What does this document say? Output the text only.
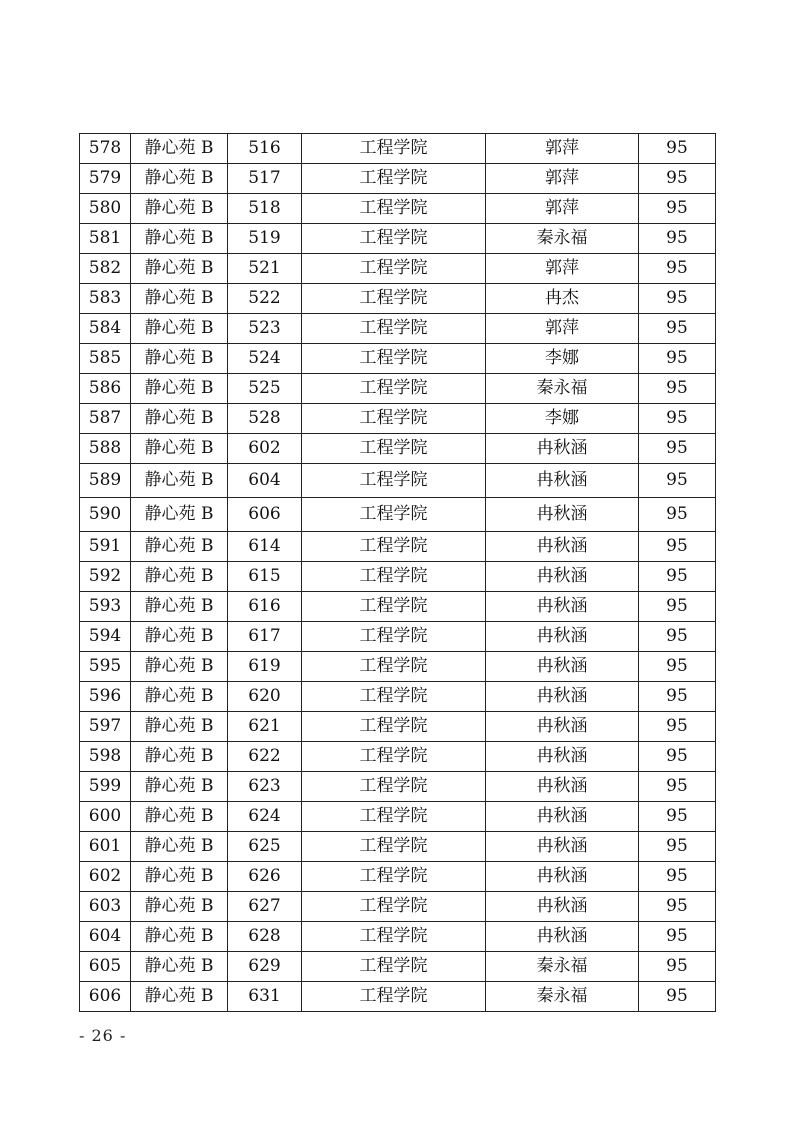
578	静心苑 B	516	工程学院	郭萍	95
579	静心苑 B	517	工程学院	郭萍	95
580	静心苑 B	518	工程学院	郭萍	95
581	静心苑 B	519	工程学院	秦永福	95
582	静心苑 B	521	工程学院	郭萍	95
583	静心苑 B	522	工程学院	冉杰	95
584	静心苑 B	523	工程学院	郭萍	95
585	静心苑 B	524	工程学院	李娜	95
586	静心苑 B	525	工程学院	秦永福	95
587	静心苑 B	528	工程学院	李娜	95
588	静心苑 B	602	工程学院	冉秋涵	95
589	静心苑 B	604	工程学院	冉秋涵	95
590	静心苑 B	606	工程学院	冉秋涵	95
591	静心苑 B	614	工程学院	冉秋涵	95
592	静心苑 B	615	工程学院	冉秋涵	95
593	静心苑 B	616	工程学院	冉秋涵	95
594	静心苑 B	617	工程学院	冉秋涵	95
595	静心苑 B	619	工程学院	冉秋涵	95
596	静心苑 B	620	工程学院	冉秋涵	95
597	静心苑 B	621	工程学院	冉秋涵	95
598	静心苑 B	622	工程学院	冉秋涵	95
599	静心苑 B	623	工程学院	冉秋涵	95
600	静心苑 B	624	工程学院	冉秋涵	95
601	静心苑 B	625	工程学院	冉秋涵	95
602	静心苑 B	626	工程学院	冉秋涵	95
603	静心苑 B	627	工程学院	冉秋涵	95
604	静心苑 B	628	工程学院	冉秋涵	95
605	静心苑 B	629	工程学院	秦永福	95
606	静心苑 B	631	工程学院	秦永福	95
- 26 -
